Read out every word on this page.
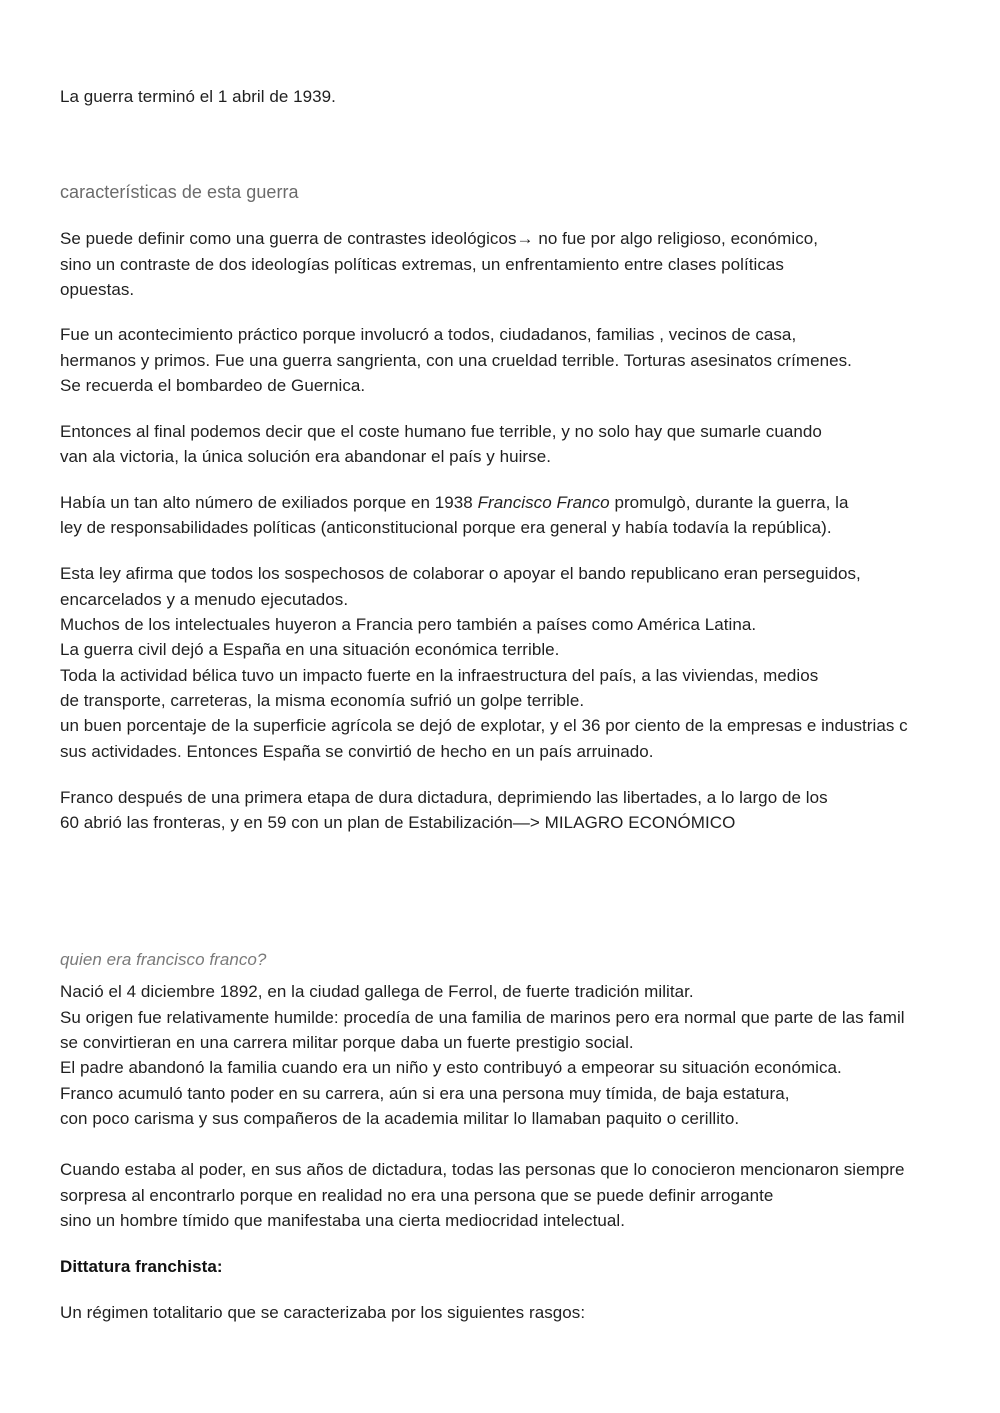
La guerra terminó el 1 abril de 1939.
características de esta guerra
Se puede definir como una guerra de contrastes ideológicos→ no fue por algo religioso, económico,
sino un contraste de dos ideologías políticas extremas, un enfrentamiento entre clases políticas
opuestas.
Fue un acontecimiento práctico porque involucró a todos, ciudadanos, familias , vecinos de casa,
hermanos y primos. Fue una guerra sangrienta, con una crueldad terrible. Torturas asesinatos crímenes.
Se recuerda el bombardeo de Guernica.
Entonces al final podemos decir que el coste humano fue terrible, y no solo hay que sumarle cuando
van ala victoria, la única solución era abandonar el país y huirse.
Había un tan alto número de exiliados porque en 1938 Francisco Franco promulgò, durante la guerra, la
ley de responsabilidades políticas (anticonstitucional porque era general y había todavía la república).
Esta ley afirma que todos los sospechosos de colaborar o apoyar el bando republicano eran perseguidos,
encarcelados y a menudo ejecutados.
Muchos de los intelectuales huyeron a Francia pero también a países como América Latina.
La guerra civil dejó a España en una situación económica terrible.
Toda la actividad bélica tuvo un impacto fuerte en la infraestructura del país, a las viviendas, medios
de transporte, carreteras, la misma economía sufrió un golpe terrible.
un buen porcentaje de la superficie agrícola se dejó de explotar, y el 36 por ciento de la empresas e industrias c
sus actividades. Entonces España se convirtió de hecho en un país arruinado.
Franco después de una primera etapa de dura dictadura, deprimiendo las libertades, a lo largo de los
60 abrió las fronteras, y en 59 con un plan de Estabilización—> MILAGRO ECONÓMICO
quien era francisco franco?
Nació el 4 diciembre 1892, en la ciudad gallega de Ferrol, de fuerte tradición militar.
Su origen fue relativamente humilde: procedía de una familia de marinos pero era normal que parte de las famil
se convirtieran en una carrera militar porque daba un fuerte prestigio social.
El padre abandonó la familia cuando era un niño y esto contribuyó a empeorar su situación económica.
Franco acumuló tanto poder en su carrera, aún si era una persona muy tímida, de baja estatura,
con poco carisma y sus compañeros de la academia militar lo llamaban paquito o cerillito.
Cuando estaba al poder, en sus años de dictadura, todas las personas que lo conocieron mencionaron siempre
sorpresa al encontrarlo porque en realidad no era una persona que se puede definir arrogante
sino un hombre tímido que manifestaba una cierta mediocridad intelectual.
Dittatura franchista:
Un régimen totalitario que se caracterizaba por los siguientes rasgos:
